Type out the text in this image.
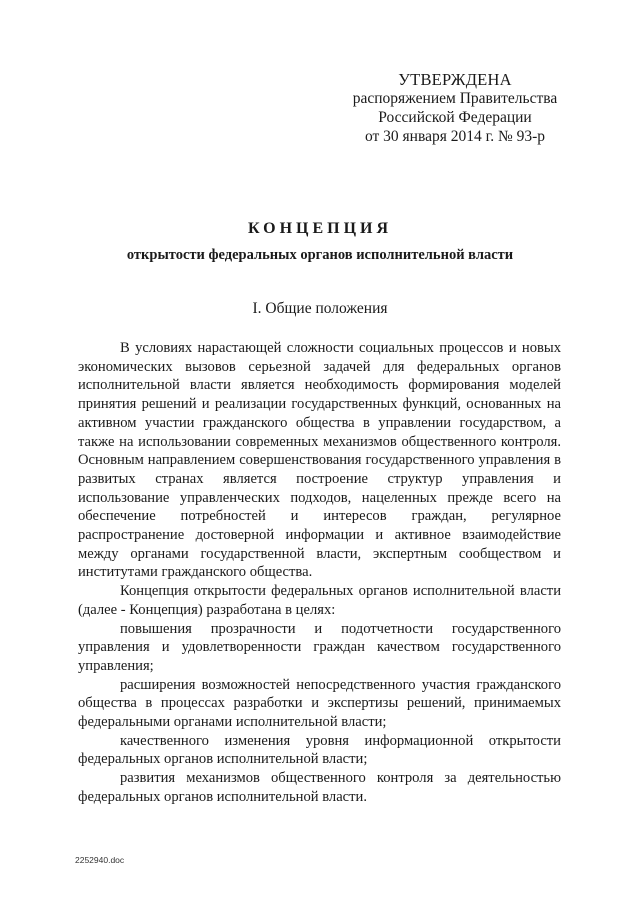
УТВЕРЖДЕНА
распоряжением Правительства
Российской Федерации
от 30 января 2014 г. № 93-р
КОНЦЕПЦИЯ
открытости федеральных органов исполнительной власти
I. Общие положения

В условиях нарастающей сложности социальных процессов и новых экономических вызовов серьезной задачей для федеральных органов исполнительной власти является необходимость формирования моделей принятия решений и реализации государственных функций, основанных на активном участии гражданского общества в управлении государством, а также на использовании современных механизмов общественного контроля. Основным направлением совершенствования государственного управления в развитых странах является построение структур управления и использование управленческих подходов, нацеленных прежде всего на обеспечение потребностей и интересов граждан, регулярное распространение достоверной информации и активное взаимодействие между органами государственной власти, экспертным сообществом и институтами гражданского общества.

Концепция открытости федеральных органов исполнительной власти (далее - Концепция) разработана в целях:

повышения прозрачности и подотчетности государственного управления и удовлетворенности граждан качеством государственного управления;

расширения возможностей непосредственного участия гражданского общества в процессах разработки и экспертизы решений, принимаемых федеральными органами исполнительной власти;

качественного изменения уровня информационной открытости федеральных органов исполнительной власти;

развития механизмов общественного контроля за деятельностью федеральных органов исполнительной власти.

2252940.doc
